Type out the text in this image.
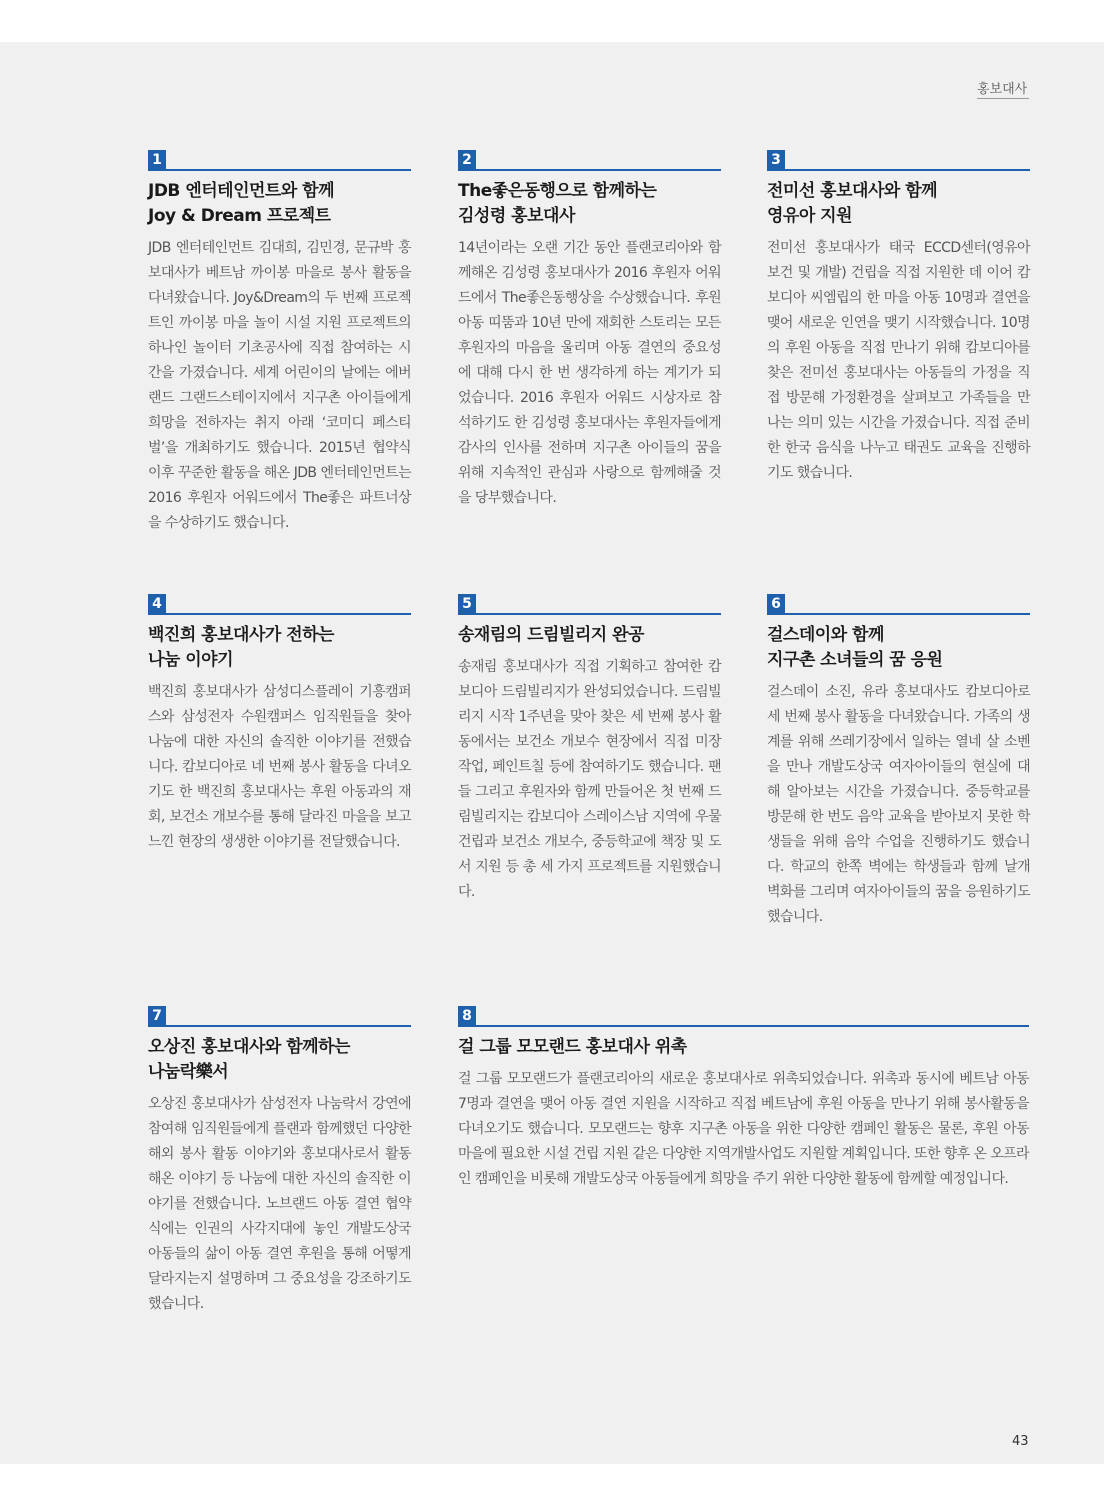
홍보대사
1
JDB 엔터테인먼트와 함께
Joy & Dream 프로젝트

JDB 엔터테인먼트 김대희, 김민경, 문규박 홍보대사가 베트남 까이봉 마을로 봉사 활동을 다녀왔습니다. Joy&Dream의 두 번째 프로젝트인 까이봉 마을 놀이 시설 지원 프로젝트의 하나인 놀이터 기초공사에 직접 참여하는 시간을 가졌습니다. 세계 어린이의 날에는 에버랜드 그랜드스테이지에서 지구촌 아이들에게 희망을 전하자는 취지 아래 ‘코미디 페스티벌’을 개최하기도 했습니다. 2015년 협약식 이후 꾸준한 활동을 해온 JDB 엔터테인먼트는 2016 후원자 어워드에서 The좋은 파트너상을 수상하기도 했습니다.

2
The좋은동행으로 함께하는
김성령 홍보대사

14년이라는 오랜 기간 동안 플랜코리아와 함께해온 김성령 홍보대사가 2016 후원자 어워드에서 The좋은동행상을 수상했습니다. 후원 아동 띠뚬과 10년 만에 재회한 스토리는 모든 후원자의 마음을 울리며 아동 결연의 중요성에 대해 다시 한 번 생각하게 하는 계기가 되었습니다. 2016 후원자 어워드 시상자로 참석하기도 한 김성령 홍보대사는 후원자들에게 감사의 인사를 전하며 지구촌 아이들의 꿈을 위해 지속적인 관심과 사랑으로 함께해줄 것을 당부했습니다.

3
전미선 홍보대사와 함께
영유아 지원

전미선 홍보대사가 태국 ECCD센터(영유아 보건 및 개발) 건립을 직접 지원한 데 이어 캄보디아 씨엠립의 한 마을 아동 10명과 결연을 맺어 새로운 인연을 맺기 시작했습니다. 10명의 후원 아동을 직접 만나기 위해 캄보디아를 찾은 전미선 홍보대사는 아동들의 가정을 직접 방문해 가정환경을 살펴보고 가족들을 만나는 의미 있는 시간을 가졌습니다. 직접 준비한 한국 음식을 나누고 태권도 교육을 진행하기도 했습니다.

4
백진희 홍보대사가 전하는
나눔 이야기

백진희 홍보대사가 삼성디스플레이 기흥캠퍼스와 삼성전자 수원캠퍼스 임직원들을 찾아 나눔에 대한 자신의 솔직한 이야기를 전했습니다. 캄보디아로 네 번째 봉사 활동을 다녀오기도 한 백진희 홍보대사는 후원 아동과의 재회, 보건소 개보수를 통해 달라진 마을을 보고 느낀 현장의 생생한 이야기를 전달했습니다.

5
송재림의 드림빌리지 완공

송재림 홍보대사가 직접 기획하고 참여한 캄보디아 드림빌리지가 완성되었습니다. 드림빌리지 시작 1주년을 맞아 찾은 세 번째 봉사 활동에서는 보건소 개보수 현장에서 직접 미장 작업, 페인트칠 등에 참여하기도 했습니다. 팬들 그리고 후원자와 함께 만들어온 첫 번째 드림빌리지는 캄보디아 스레이스남 지역에 우물 건립과 보건소 개보수, 중등학교에 책장 및 도서 지원 등 총 세 가지 프로젝트를 지원했습니다.

6
걸스데이와 함께
지구촌 소녀들의 꿈 응원

걸스데이 소진, 유라 홍보대사도 캄보디아로 세 번째 봉사 활동을 다녀왔습니다. 가족의 생계를 위해 쓰레기장에서 일하는 열네 살 소벤을 만나 개발도상국 여자아이들의 현실에 대해 알아보는 시간을 가졌습니다. 중등학교를 방문해 한 번도 음악 교육을 받아보지 못한 학생들을 위해 음악 수업을 진행하기도 했습니다. 학교의 한쪽 벽에는 학생들과 함께 날개 벽화를 그리며 여자아이들의 꿈을 응원하기도 했습니다.

7
오상진 홍보대사와 함께하는
나눔락樂서

오상진 홍보대사가 삼성전자 나눔락서 강연에 참여해 임직원들에게 플랜과 함께했던 다양한 해외 봉사 활동 이야기와 홍보대사로서 활동해온 이야기 등 나눔에 대한 자신의 솔직한 이야기를 전했습니다. 노브랜드 아동 결연 협약식에는 인권의 사각지대에 놓인 개발도상국 아동들의 삶이 아동 결연 후원을 통해 어떻게 달라지는지 설명하며 그 중요성을 강조하기도 했습니다.

8
걸 그룹 모모랜드 홍보대사 위촉

걸 그룹 모모랜드가 플랜코리아의 새로운 홍보대사로 위촉되었습니다. 위촉과 동시에 베트남 아동 7명과 결연을 맺어 아동 결연 지원을 시작하고 직접 베트남에 후원 아동을 만나기 위해 봉사활동을 다녀오기도 했습니다. 모모랜드는 향후 지구촌 아동을 위한 다양한 캠페인 활동은 물론, 후원 아동 마을에 필요한 시설 건립 지원 같은 다양한 지역개발사업도 지원할 계획입니다. 또한 향후 온 오프라인 캠페인을 비롯해 개발도상국 아동들에게 희망을 주기 위한 다양한 활동에 함께할 예정입니다.

43
